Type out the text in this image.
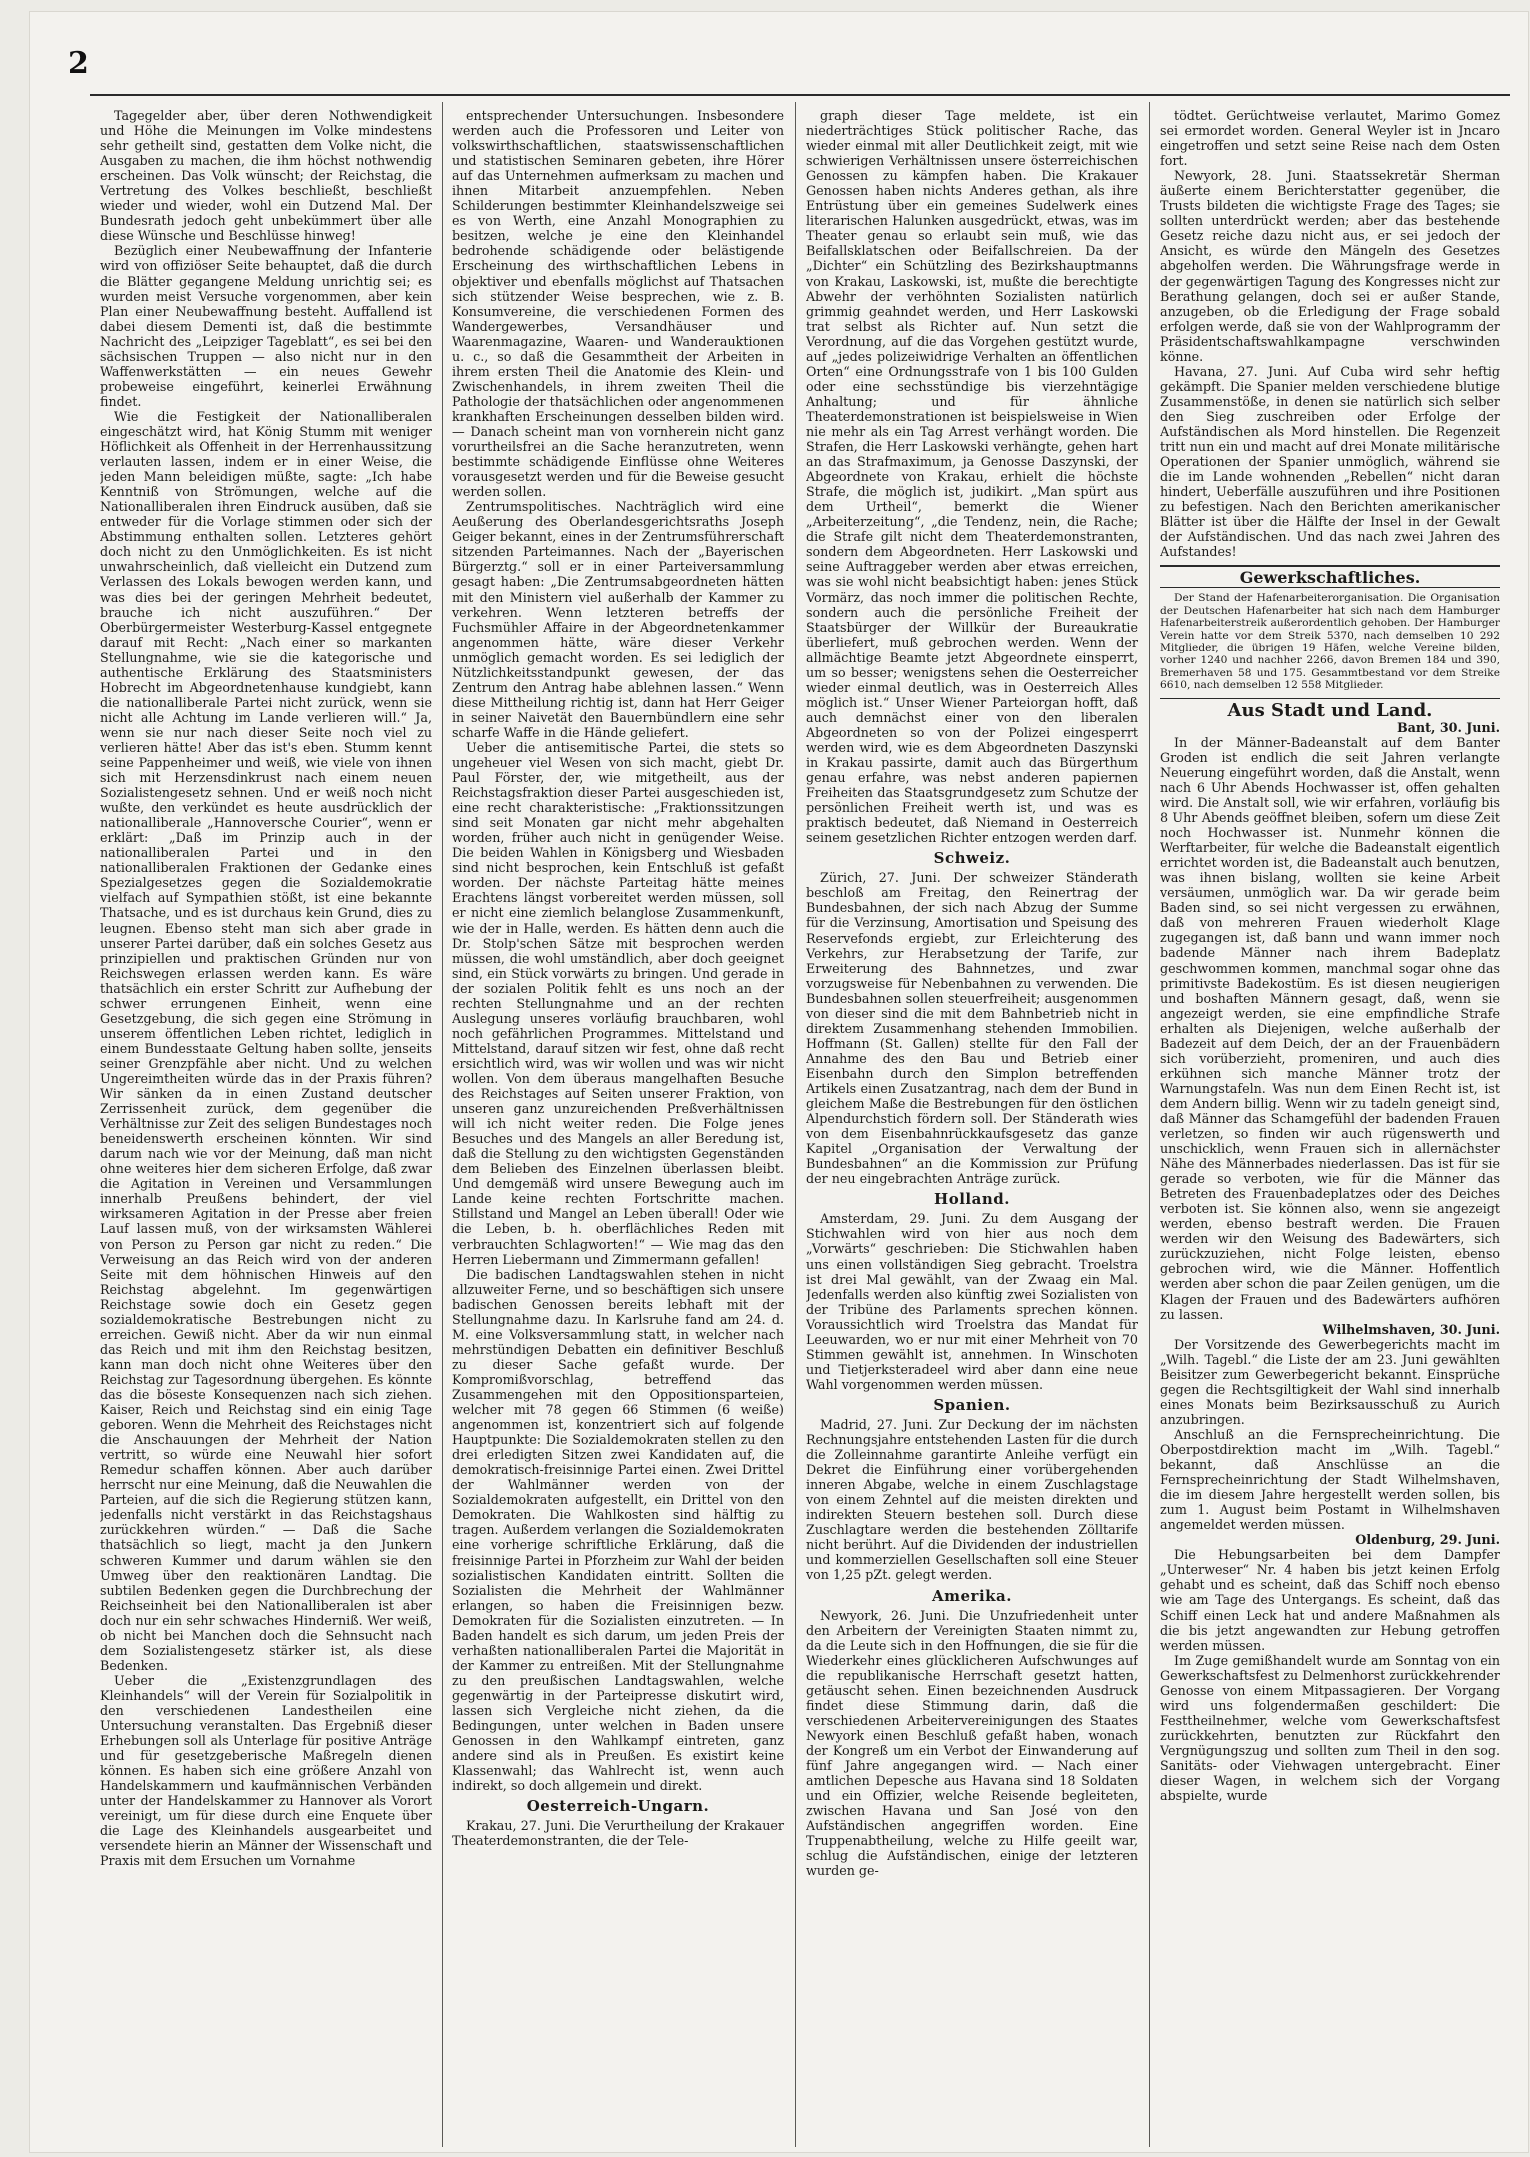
2

Tagegelder aber, über deren Nothwendigkeit und Höhe die Meinungen im Volke mindestens sehr getheilt sind, gestatten dem Volke nicht, die Ausgaben zu machen, die ihm höchst nothwendig erscheinen. Das Volk wünscht; der Reichstag, die Vertretung des Volkes beschließt, beschließt wieder und wieder, wohl ein Dutzend Mal. Der Bundesrath jedoch geht unbekümmert über alle diese Wünsche und Beschlüsse hinweg!

Bezüglich einer Neubewaffnung der Infanterie wird von offiziöser Seite behauptet, daß die durch die Blätter gegangene Meldung unrichtig sei; es wurden meist Versuche vorgenommen, aber kein Plan einer Neubewaffnung besteht. Auffallend ist dabei diesem Dementi ist, daß die bestimmte Nachricht des „Leipziger Tageblatt“, es sei bei den sächsischen Truppen — also nicht nur in den Waffenwerkstätten — ein neues Gewehr probeweise eingeführt, keinerlei Erwähnung findet.

Wie die Festigkeit der Nationalliberalen eingeschätzt wird, hat König Stumm mit weniger Höflichkeit als Offenheit in der Herrenhaussitzung verlauten lassen, indem er in einer Weise, die jeden Mann beleidigen müßte, sagte: „Ich habe Kenntniß von Strömungen, welche auf die Nationalliberalen ihren Eindruck ausüben, daß sie entweder für die Vorlage stimmen oder sich der Abstimmung enthalten sollen. Letzteres gehört doch nicht zu den Unmöglichkeiten. Es ist nicht unwahrscheinlich, daß vielleicht ein Dutzend zum Verlassen des Lokals bewogen werden kann, und was dies bei der geringen Mehrheit bedeutet, brauche ich nicht auszuführen.“ Der Oberbürgermeister Westerburg-Kassel entgegnete darauf mit Recht: „Nach einer so markanten Stellungnahme, wie sie die kategorische und authentische Erklärung des Staatsministers Hobrecht im Abgeordnetenhause kundgiebt, kann die nationalliberale Partei nicht zurück, wenn sie nicht alle Achtung im Lande verlieren will.“ Ja, wenn sie nur nach dieser Seite noch viel zu verlieren hätte! Aber das ist's eben. Stumm kennt seine Pappenheimer und weiß, wie viele von ihnen sich mit Herzensdinkrust nach einem neuen Sozialistengesetz sehnen. Und er weiß noch nicht wußte, den verkündet es heute ausdrücklich der nationalliberale „Hannoversche Courier“, wenn er erklärt: „Daß im Prinzip auch in der nationalliberalen Partei und in den nationalliberalen Fraktionen der Gedanke eines Spezialgesetzes gegen die Sozialdemokratie vielfach auf Sympathien stößt, ist eine bekannte Thatsache, und es ist durchaus kein Grund, dies zu leugnen. Ebenso steht man sich aber grade in unserer Partei darüber, daß ein solches Gesetz aus prinzipiellen und praktischen Gründen nur von Reichswegen erlassen werden kann. Es wäre thatsächlich ein erster Schritt zur Aufhebung der schwer errungenen Einheit, wenn eine Gesetzgebung, die sich gegen eine Strömung in unserem öffentlichen Leben richtet, lediglich in einem Bundesstaate Geltung haben sollte, jenseits seiner Grenzpfähle aber nicht. Und zu welchen Ungereimtheiten würde das in der Praxis führen? Wir sänken da in einen Zustand deutscher Zerrissenheit zurück, dem gegenüber die Verhältnisse zur Zeit des seligen Bundestages noch beneidenswerth erscheinen könnten. Wir sind darum nach wie vor der Meinung, daß man nicht ohne weiteres hier dem sicheren Erfolge, daß zwar die Agitation in Vereinen und Versammlungen innerhalb Preußens behindert, der viel wirksameren Agitation in der Presse aber freien Lauf lassen muß, von der wirksamsten Wählerei von Person zu Person gar nicht zu reden.“ Die Verweisung an das Reich wird von der anderen Seite mit dem höhnischen Hinweis auf den Reichstag abgelehnt. Im gegenwärtigen Reichstage sowie doch ein Gesetz gegen sozialdemokratische Bestrebungen nicht zu erreichen. Gewiß nicht. Aber da wir nun einmal das Reich und mit ihm den Reichstag besitzen, kann man doch nicht ohne Weiteres über den Reichstag zur Tagesordnung übergehen. Es könnte das die böseste Konsequenzen nach sich ziehen. Kaiser, Reich und Reichstag sind ein einig Tage geboren. Wenn die Mehrheit des Reichstages nicht die Anschauungen der Mehrheit der Nation vertritt, so würde eine Neuwahl hier sofort Remedur schaffen können. Aber auch darüber herrscht nur eine Meinung, daß die Neuwahlen die Parteien, auf die sich die Regierung stützen kann, jedenfalls nicht verstärkt in das Reichstagshaus zurückkehren würden.“ — Daß die Sache thatsächlich so liegt, macht ja den Junkern schweren Kummer und darum wählen sie den Umweg über den reaktionären Landtag. Die subtilen Bedenken gegen die Durchbrechung der Reichseinheit bei den Nationalliberalen ist aber doch nur ein sehr schwaches Hinderniß. Wer weiß, ob nicht bei Manchen doch die Sehnsucht nach dem Sozialistengesetz stärker ist, als diese Bedenken.

Ueber die „Existenzgrundlagen des Kleinhandels“ will der Verein für Sozialpolitik in den verschiedenen Landestheilen eine Untersuchung veranstalten. Das Ergebniß dieser Erhebungen soll als Unterlage für positive Anträge und für gesetzgeberische Maßregeln dienen können. Es haben sich eine größere Anzahl von Handelskammern und kaufmännischen Verbänden unter der Handelskammer zu Hannover als Vorort vereinigt, um für diese durch eine Enquete über die Lage des Kleinhandels ausgearbeitet und versendete hierin an Männer der Wissenschaft und Praxis mit dem Ersuchen um Vornahme

entsprechender Untersuchungen. Insbesondere werden auch die Professoren und Leiter von volkswirthschaftlichen, staatswissenschaftlichen und statistischen Seminaren gebeten, ihre Hörer auf das Unternehmen aufmerksam zu machen und ihnen Mitarbeit anzuempfehlen. Neben Schilderungen bestimmter Kleinhandelszweige sei es von Werth, eine Anzahl Monographien zu besitzen, welche je eine den Kleinhandel bedrohende schädigende oder belästigende Erscheinung des wirthschaftlichen Lebens in objektiver und ebenfalls möglichst auf Thatsachen sich stützender Weise besprechen, wie z. B. Konsumvereine, die verschiedenen Formen des Wandergewerbes, Versandhäuser und Waarenmagazine, Waaren- und Wanderauktionen u. c., so daß die Gesammtheit der Arbeiten in ihrem ersten Theil die Anatomie des Klein- und Zwischenhandels, in ihrem zweiten Theil die Pathologie der thatsächlichen oder angenommenen krankhaften Erscheinungen desselben bilden wird. — Danach scheint man von vornherein nicht ganz vorurtheilsfrei an die Sache heranzutreten, wenn bestimmte schädigende Einflüsse ohne Weiteres vorausgesetzt werden und für die Beweise gesucht werden sollen.

Zentrumspolitisches. Nachträglich wird eine Aeußerung des Oberlandesgerichtsraths Joseph Geiger bekannt, eines in der Zentrumsführerschaft sitzenden Parteimannes. Nach der „Bayerischen Bürgerztg.“ soll er in einer Parteiversammlung gesagt haben: „Die Zentrumsabgeordneten hätten mit den Ministern viel außerhalb der Kammer zu verkehren. Wenn letzteren betreffs der Fuchsmühler Affaire in der Abgeordnetenkammer angenommen hätte, wäre dieser Verkehr unmöglich gemacht worden. Es sei lediglich der Nützlichkeitsstandpunkt gewesen, der das Zentrum den Antrag habe ablehnen lassen.“ Wenn diese Mittheilung richtig ist, dann hat Herr Geiger in seiner Naivetät den Bauernbündlern eine sehr scharfe Waffe in die Hände geliefert.

Ueber die antisemitische Partei, die stets so ungeheuer viel Wesen von sich macht, giebt Dr. Paul Förster, der, wie mitgetheilt, aus der Reichstagsfraktion dieser Partei ausgeschieden ist, eine recht charakteristische: „Fraktionssitzungen sind seit Monaten gar nicht mehr abgehalten worden, früher auch nicht in genügender Weise. Die beiden Wahlen in Königsberg und Wiesbaden sind nicht besprochen, kein Entschluß ist gefaßt worden. Der nächste Parteitag hätte meines Erachtens längst vorbereitet werden müssen, soll er nicht eine ziemlich belanglose Zusammenkunft, wie der in Halle, werden. Es hätten denn auch die Dr. Stolp'schen Sätze mit besprochen werden müssen, die wohl umständlich, aber doch geeignet sind, ein Stück vorwärts zu bringen. Und gerade in der sozialen Politik fehlt es uns noch an der rechten Stellungnahme und an der rechten Auslegung unseres vorläufig brauchbaren, wohl noch gefährlichen Programmes. Mittelstand und Mittelstand, darauf sitzen wir fest, ohne daß recht ersichtlich wird, was wir wollen und was wir nicht wollen. Von dem überaus mangelhaften Besuche des Reichstages auf Seiten unserer Fraktion, von unseren ganz unzureichenden Preßverhältnissen will ich nicht weiter reden. Die Folge jenes Besuches und des Mangels an aller Beredung ist, daß die Stellung zu den wichtigsten Gegenständen dem Belieben des Einzelnen überlassen bleibt. Und demgemäß wird unsere Bewegung auch im Lande keine rechten Fortschritte machen. Stillstand und Mangel an Leben überall! Oder wie die Leben, b. h. oberflächliches Reden mit verbrauchten Schlagworten!“ — Wie mag das den Herren Liebermann und Zimmermann gefallen!

Die badischen Landtagswahlen stehen in nicht allzuweiter Ferne, und so beschäftigen sich unsere badischen Genossen bereits lebhaft mit der Stellungnahme dazu. In Karlsruhe fand am 24. d. M. eine Volksversammlung statt, in welcher nach mehrstündigen Debatten ein definitiver Beschluß zu dieser Sache gefaßt wurde. Der Kompromißvorschlag, betreffend das Zusammengehen mit den Oppositionsparteien, welcher mit 78 gegen 66 Stimmen (6 weiße) angenommen ist, konzentriert sich auf folgende Hauptpunkte: Die Sozialdemokraten stellen zu den drei erledigten Sitzen zwei Kandidaten auf, die demokratisch-freisinnige Partei einen. Zwei Drittel der Wahlmänner werden von der Sozialdemokraten aufgestellt, ein Drittel von den Demokraten. Die Wahlkosten sind hälftig zu tragen. Außerdem verlangen die Sozialdemokraten eine vorherige schriftliche Erklärung, daß die freisinnige Partei in Pforzheim zur Wahl der beiden sozialistischen Kandidaten eintritt. Sollten die Sozialisten die Mehrheit der Wahlmänner erlangen, so haben die Freisinnigen bezw. Demokraten für die Sozialisten einzutreten. — In Baden handelt es sich darum, um jeden Preis der verhaßten nationalliberalen Partei die Majorität in der Kammer zu entreißen. Mit der Stellungnahme zu den preußischen Landtagswahlen, welche gegenwärtig in der Parteipresse diskutirt wird, lassen sich Vergleiche nicht ziehen, da die Bedingungen, unter welchen in Baden unsere Genossen in den Wahlkampf eintreten, ganz andere sind als in Preußen. Es existirt keine Klassenwahl; das Wahlrecht ist, wenn auch indirekt, so doch allgemein und direkt.

Oesterreich-Ungarn.

Krakau, 27. Juni. Die Verurtheilung der Krakauer Theaterdemonstranten, die der Tele-

graph dieser Tage meldete, ist ein niederträchtiges Stück politischer Rache, das wieder einmal mit aller Deutlichkeit zeigt, mit wie schwierigen Verhältnissen unsere österreichischen Genossen zu kämpfen haben. Die Krakauer Genossen haben nichts Anderes gethan, als ihre Entrüstung über ein gemeines Sudelwerk eines literarischen Halunken ausgedrückt, etwas, was im Theater genau so erlaubt sein muß, wie das Beifallsklatschen oder Beifallschreien. Da der „Dichter“ ein Schützling des Bezirkshauptmanns von Krakau, Laskowski, ist, mußte die berechtigte Abwehr der verhöhnten Sozialisten natürlich grimmig geahndet werden, und Herr Laskowski trat selbst als Richter auf. Nun setzt die Verordnung, auf die das Vorgehen gestützt wurde, auf „jedes polizeiwidrige Verhalten an öffentlichen Orten“ eine Ordnungsstrafe von 1 bis 100 Gulden oder eine sechsstündige bis vierzehntägige Anhaltung; und für ähnliche Theaterdemonstrationen ist beispielsweise in Wien nie mehr als ein Tag Arrest verhängt worden. Die Strafen, die Herr Laskowski verhängte, gehen hart an das Strafmaximum, ja Genosse Daszynski, der Abgeordnete von Krakau, erhielt die höchste Strafe, die möglich ist, judikirt. „Man spürt aus dem Urtheil“, bemerkt die Wiener „Arbeiterzeitung“, „die Tendenz, nein, die Rache; die Strafe gilt nicht dem Theaterdemonstranten, sondern dem Abgeordneten. Herr Laskowski und seine Auftraggeber werden aber etwas erreichen, was sie wohl nicht beabsichtigt haben: jenes Stück Vormärz, das noch immer die politischen Rechte, sondern auch die persönliche Freiheit der Staatsbürger der Willkür der Bureaukratie überliefert, muß gebrochen werden. Wenn der allmächtige Beamte jetzt Abgeordnete einsperrt, um so besser; wenigstens sehen die Oesterreicher wieder einmal deutlich, was in Oesterreich Alles möglich ist.“ Unser Wiener Parteiorgan hofft, daß auch demnächst einer von den liberalen Abgeordneten so von der Polizei eingesperrt werden wird, wie es dem Abgeordneten Daszynski in Krakau passirte, damit auch das Bürgerthum genau erfahre, was nebst anderen papiernen Freiheiten das Staatsgrundgesetz zum Schutze der persönlichen Freiheit werth ist, und was es praktisch bedeutet, daß Niemand in Oesterreich seinem gesetzlichen Richter entzogen werden darf.

Schweiz.

Zürich, 27. Juni. Der schweizer Ständerath beschloß am Freitag, den Reinertrag der Bundesbahnen, der sich nach Abzug der Summe für die Verzinsung, Amortisation und Speisung des Reservefonds ergiebt, zur Erleichterung des Verkehrs, zur Herabsetzung der Tarife, zur Erweiterung des Bahnnetzes, und zwar vorzugsweise für Nebenbahnen zu verwenden. Die Bundesbahnen sollen steuerfreiheit; ausgenommen von dieser sind die mit dem Bahnbetrieb nicht in direktem Zusammenhang stehenden Immobilien. Hoffmann (St. Gallen) stellte für den Fall der Annahme des den Bau und Betrieb einer Eisenbahn durch den Simplon betreffenden Artikels einen Zusatzantrag, nach dem der Bund in gleichem Maße die Bestrebungen für den östlichen Alpendurchstich fördern soll. Der Ständerath wies von dem Eisenbahnrückkaufsgesetz das ganze Kapitel „Organisation der Verwaltung der Bundesbahnen“ an die Kommission zur Prüfung der neu eingebrachten Anträge zurück.

Holland.

Amsterdam, 29. Juni. Zu dem Ausgang der Stichwahlen wird von hier aus noch dem „Vorwärts“ geschrieben: Die Stichwahlen haben uns einen vollständigen Sieg gebracht. Troelstra ist drei Mal gewählt, van der Zwaag ein Mal. Jedenfalls werden also künftig zwei Sozialisten von der Tribüne des Parlaments sprechen können. Voraussichtlich wird Troelstra das Mandat für Leeuwarden, wo er nur mit einer Mehrheit von 70 Stimmen gewählt ist, annehmen. In Winschoten und Tietjerksteradeel wird aber dann eine neue Wahl vorgenommen werden müssen.

Spanien.

Madrid, 27. Juni. Zur Deckung der im nächsten Rechnungsjahre entstehenden Lasten für die durch die Zolleinnahme garantirte Anleihe verfügt ein Dekret die Einführung einer vorübergehenden inneren Abgabe, welche in einem Zuschlagstage von einem Zehntel auf die meisten direkten und indirekten Steuern bestehen soll. Durch diese Zuschlagtare werden die bestehenden Zölltarife nicht berührt. Auf die Dividenden der industriellen und kommerziellen Gesellschaften soll eine Steuer von 1,25 pZt. gelegt werden.

Amerika.

Newyork, 26. Juni. Die Unzufriedenheit unter den Arbeitern der Vereinigten Staaten nimmt zu, da die Leute sich in den Hoffnungen, die sie für die Wiederkehr eines glücklicheren Aufschwunges auf die republikanische Herrschaft gesetzt hatten, getäuscht sehen. Einen bezeichnenden Ausdruck findet diese Stimmung darin, daß die verschiedenen Arbeitervereinigungen des Staates Newyork einen Beschluß gefaßt haben, wonach der Kongreß um ein Verbot der Einwanderung auf fünf Jahre angegangen wird. — Nach einer amtlichen Depesche aus Havana sind 18 Soldaten und ein Offizier, welche Reisende begleiteten, zwischen Havana und San José von den Aufständischen angegriffen worden. Eine Truppenabtheilung, welche zu Hilfe geeilt war, schlug die Aufständischen, einige der letzteren wurden ge-

tödtet. Gerüchtweise verlautet, Marimo Gomez sei ermordet worden. General Weyler ist in Jncaro eingetroffen und setzt seine Reise nach dem Osten fort.

Newyork, 28. Juni. Staatssekretär Sherman äußerte einem Berichterstatter gegenüber, die Trusts bildeten die wichtigste Frage des Tages; sie sollten unterdrückt werden; aber das bestehende Gesetz reiche dazu nicht aus, er sei jedoch der Ansicht, es würde den Mängeln des Gesetzes abgeholfen werden. Die Währungsfrage werde in der gegenwärtigen Tagung des Kongresses nicht zur Berathung gelangen, doch sei er außer Stande, anzugeben, ob die Erledigung der Frage sobald erfolgen werde, daß sie von der Wahlprogramm der Präsidentschaftswahlkampagne verschwinden könne.

Havana, 27. Juni. Auf Cuba wird sehr heftig gekämpft. Die Spanier melden verschiedene blutige Zusammenstöße, in denen sie natürlich sich selber den Sieg zuschreiben oder Erfolge der Aufständischen als Mord hinstellen. Die Regenzeit tritt nun ein und macht auf drei Monate militärische Operationen der Spanier unmöglich, während sie die im Lande wohnenden „Rebellen“ nicht daran hindert, Ueberfälle auszuführen und ihre Positionen zu befestigen. Nach den Berichten amerikanischer Blätter ist über die Hälfte der Insel in der Gewalt der Aufständischen. Und das nach zwei Jahren des Aufstandes!

Gewerkschaftliches.

Der Stand der Hafenarbeiterorganisation. Die Organisation der Deutschen Hafenarbeiter hat sich nach dem Hamburger Hafenarbeiterstreik außerordentlich gehoben. Der Hamburger Verein hatte vor dem Streik 5370, nach demselben 10 292 Mitglieder, die übrigen 19 Häfen, welche Vereine bilden, vorher 1240 und nachher 2266, davon Bremen 184 und 390, Bremerhaven 58 und 175. Gesammtbestand vor dem Streike 6610, nach demselben 12 558 Mitglieder.

Aus Stadt und Land.

Bant, 30. Juni.

In der Männer-Badeanstalt auf dem Banter Groden ist endlich die seit Jahren verlangte Neuerung eingeführt worden, daß die Anstalt, wenn nach 6 Uhr Abends Hochwasser ist, offen gehalten wird. Die Anstalt soll, wie wir erfahren, vorläufig bis 8 Uhr Abends geöffnet bleiben, sofern um diese Zeit noch Hochwasser ist. Nunmehr können die Werftarbeiter, für welche die Badeanstalt eigentlich errichtet worden ist, die Badeanstalt auch benutzen, was ihnen bislang, wollten sie keine Arbeit versäumen, unmöglich war. Da wir gerade beim Baden sind, so sei nicht vergessen zu erwähnen, daß von mehreren Frauen wiederholt Klage zugegangen ist, daß bann und wann immer noch badende Männer nach ihrem Badeplatz geschwommen kommen, manchmal sogar ohne das primitivste Badekostüm. Es ist diesen neugierigen und boshaften Männern gesagt, daß, wenn sie angezeigt werden, sie eine empfindliche Strafe erhalten als Diejenigen, welche außerhalb der Badezeit auf dem Deich, der an der Frauenbädern sich vorüberzieht, promeniren, und auch dies erkühnen sich manche Männer trotz der Warnungstafeln. Was nun dem Einen Recht ist, ist dem Andern billig. Wenn wir zu tadeln geneigt sind, daß Männer das Schamgefühl der badenden Frauen verletzen, so finden wir auch rügenswerth und unschicklich, wenn Frauen sich in allernächster Nähe des Männerbades niederlassen. Das ist für sie gerade so verboten, wie für die Männer das Betreten des Frauenbadeplatzes oder des Deiches verboten ist. Sie können also, wenn sie angezeigt werden, ebenso bestraft werden. Die Frauen werden wir den Weisung des Badewärters, sich zurückzuziehen, nicht Folge leisten, ebenso gebrochen wird, wie die Männer. Hoffentlich werden aber schon die paar Zeilen genügen, um die Klagen der Frauen und des Badewärters aufhören zu lassen.

Wilhelmshaven, 30. Juni.

Der Vorsitzende des Gewerbegerichts macht im „Wilh. Tagebl.“ die Liste der am 23. Juni gewählten Beisitzer zum Gewerbegericht bekannt. Einsprüche gegen die Rechtsgiltigkeit der Wahl sind innerhalb eines Monats beim Bezirksausschuß zu Aurich anzubringen.

Anschluß an die Fernsprecheinrichtung. Die Oberpostdirektion macht im „Wilh. Tagebl.“ bekannt, daß Anschlüsse an die Fernsprecheinrichtung der Stadt Wilhelmshaven, die im diesem Jahre hergestellt werden sollen, bis zum 1. August beim Postamt in Wilhelmshaven angemeldet werden müssen.

Oldenburg, 29. Juni.

Die Hebungsarbeiten bei dem Dampfer „Unterweser“ Nr. 4 haben bis jetzt keinen Erfolg gehabt und es scheint, daß das Schiff noch ebenso wie am Tage des Untergangs. Es scheint, daß das Schiff einen Leck hat und andere Maßnahmen als die bis jetzt angewandten zur Hebung getroffen werden müssen.

Im Zuge gemißhandelt wurde am Sonntag von ein Gewerkschaftsfest zu Delmenhorst zurückkehrender Genosse von einem Mitpassagieren. Der Vorgang wird uns folgendermaßen geschildert: Die Festtheilnehmer, welche vom Gewerkschaftsfest zurückkehrten, benutzten zur Rückfahrt den Vergnügungszug und sollten zum Theil in den sog. Sanitäts- oder Viehwagen untergebracht. Einer dieser Wagen, in welchem sich der Vorgang abspielte, wurde
